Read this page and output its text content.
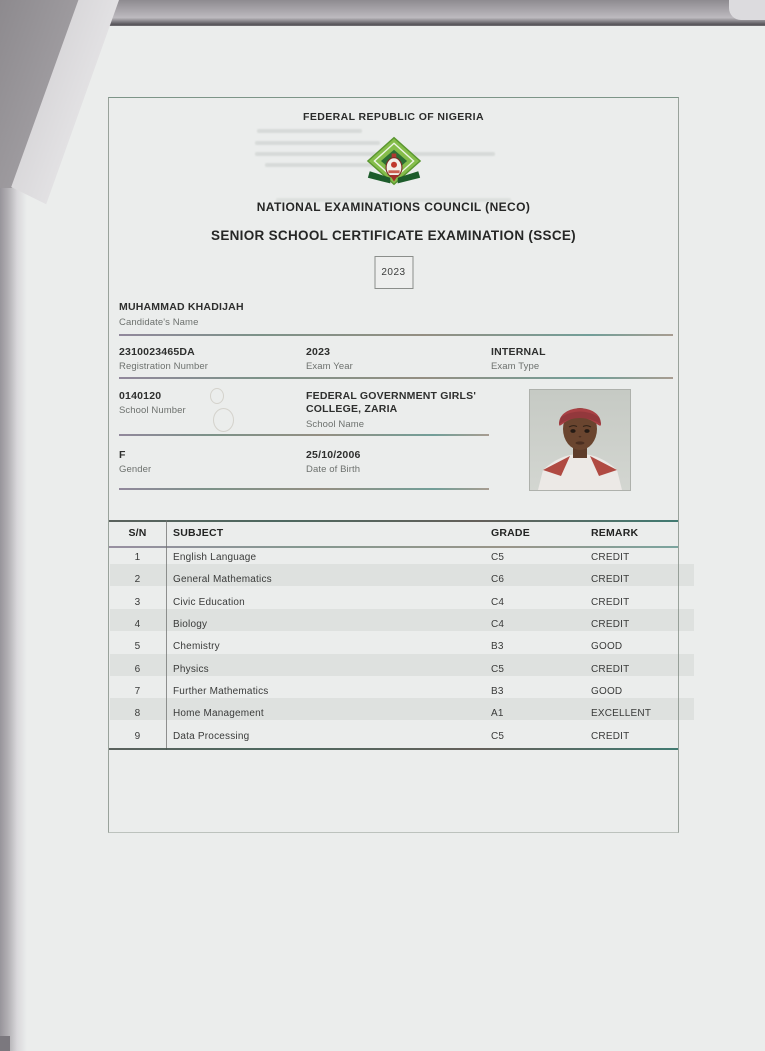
FEDERAL REPUBLIC OF NIGERIA
NATIONAL EXAMINATIONS COUNCIL (NECO)
SENIOR SCHOOL CERTIFICATE EXAMINATION (SSCE)
2023
MUHAMMAD KHADIJAH
Candidate's Name
2310023465DA
Registration Number
2023
Exam Year
INTERNAL
Exam Type
0140120
School Number
FEDERAL GOVERNMENT GIRLS' COLLEGE, ZARIA
School Name
F
Gender
25/10/2006
Date of Birth
S/N	SUBJECT	GRADE	REMARK
1	English Language	C5	CREDIT
2	General Mathematics	C6	CREDIT
3	Civic Education	C4	CREDIT
4	Biology	C4	CREDIT
5	Chemistry	B3	GOOD
6	Physics	C5	CREDIT
7	Further Mathematics	B3	GOOD
8	Home Management	A1	EXCELLENT
9	Data Processing	C5	CREDIT
